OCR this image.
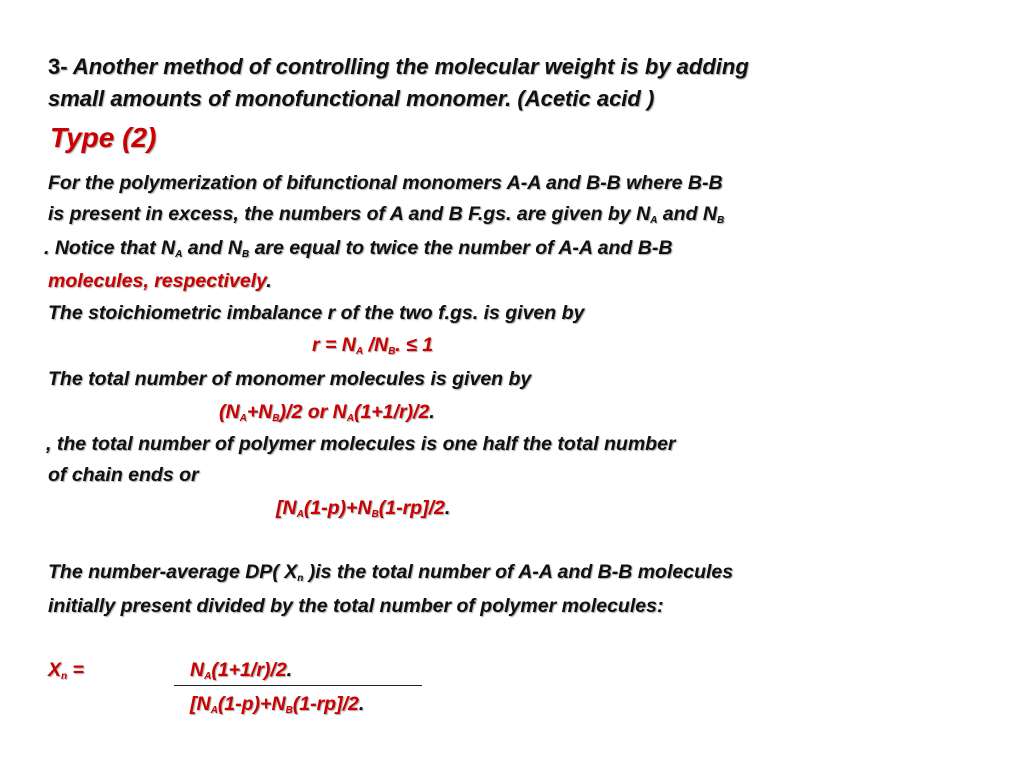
3- Another method of controlling the molecular weight is by adding
small amounts of monofunctional monomer. (Acetic acid )
Type (2)
For the polymerization of bifunctional monomers A-A and B-B where B-B
is present in excess, the numbers of A and B F.gs. are given by $N_A$ and $N_B$
. Notice that $N_A$ and $N_B$ are equal to twice the number of A-A and B-B
molecules, respectively.
The stoichiometric imbalance r of the two f.gs. is given by
$r = N_A$ $/N_B$. ≤ 1
The total number of monomer molecules is given by
$(N_A+N_B)/2$ or $N_A(1+1/r)/2$.
, the total number of polymer molecules is one half the total number
of chain ends or
[$N_A(1-p)+N_B(1-rp]/2$.
The number-average DP( $X_n$ )is the total number of A-A and B-B molecules
initially present divided by the total number of polymer molecules:
$X_n$ =	$N_A(1+1/r)/2$.
[$N_A(1-p)+N_B(1-rp]/2$.
